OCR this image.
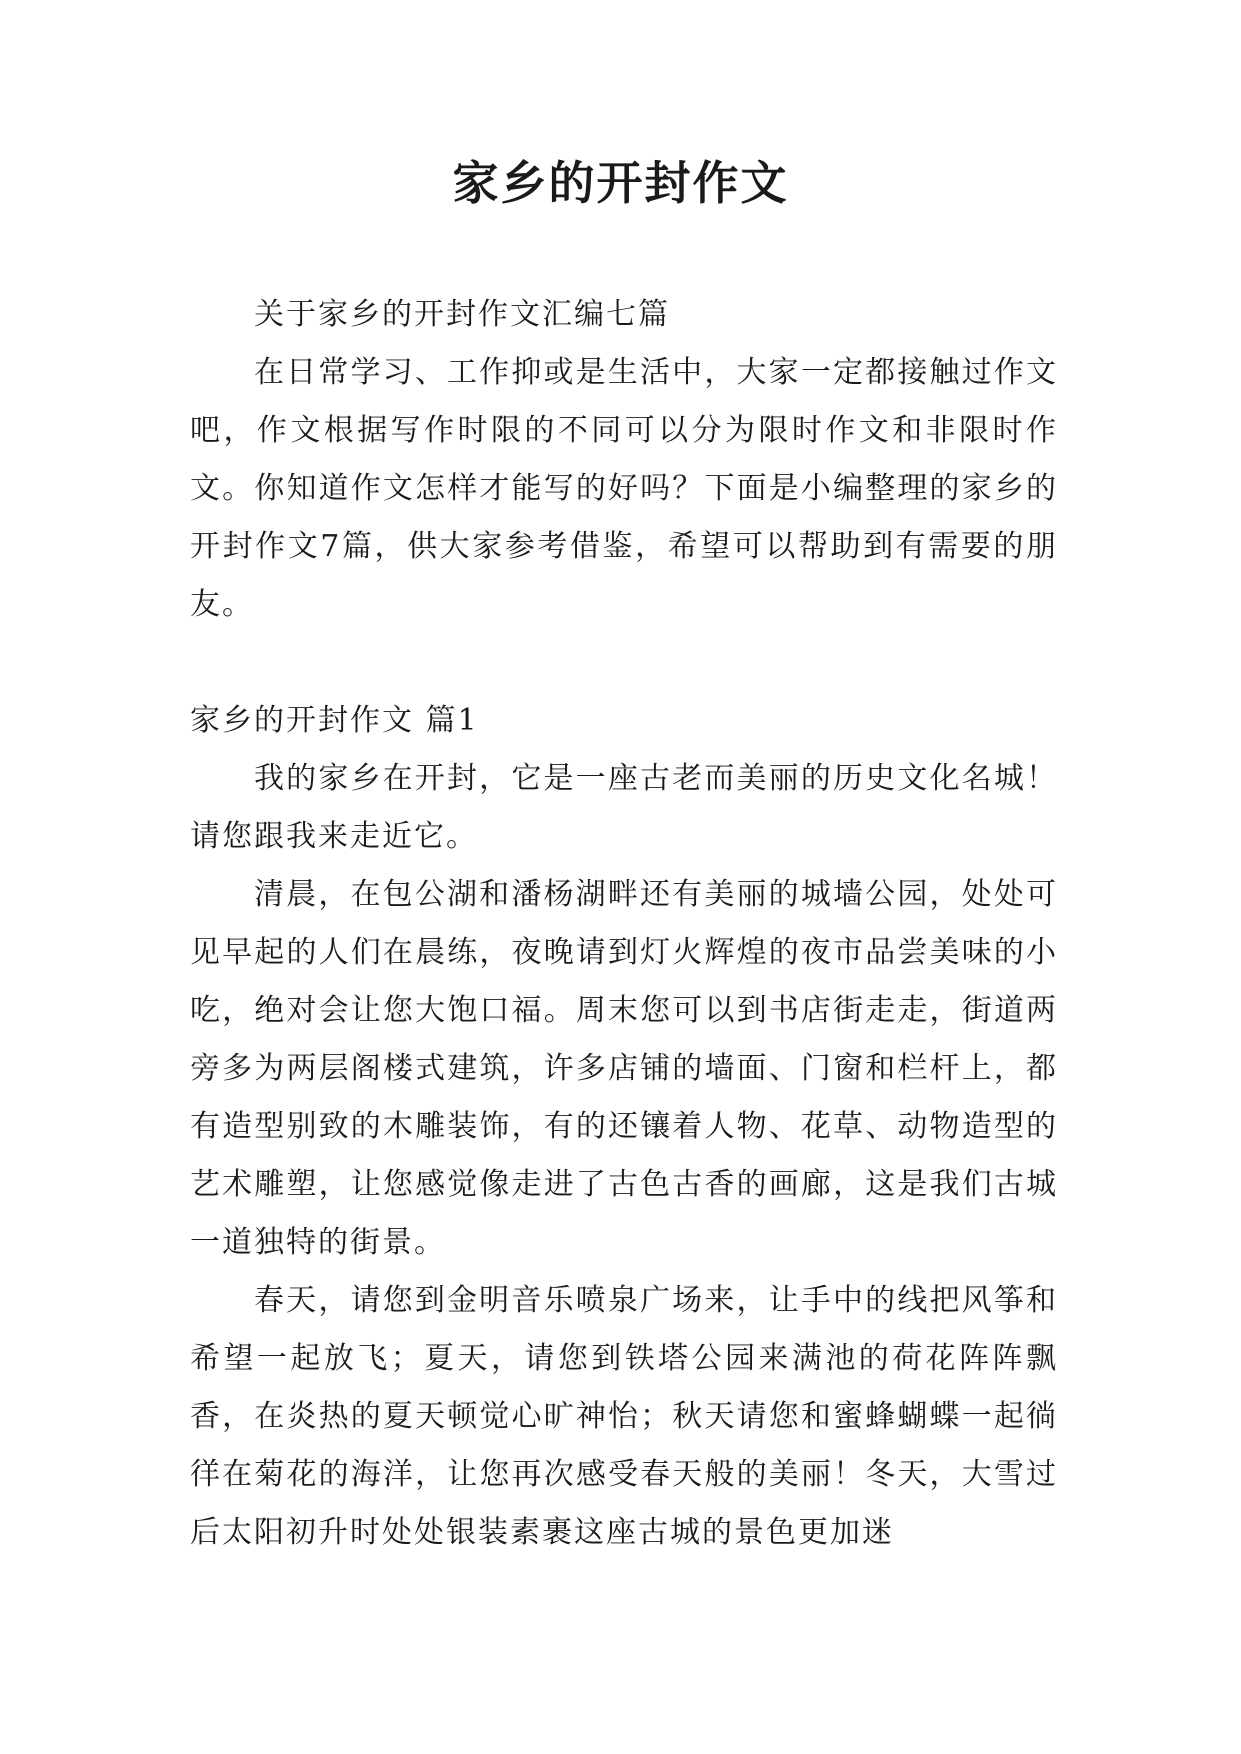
家乡的开封作文

关于家乡的开封作文汇编七篇

在日常学习、工作抑或是生活中，大家一定都接触过作文吧，作文根据写作时限的不同可以分为限时作文和非限时作文。你知道作文怎样才能写的好吗？下面是小编整理的家乡的开封作文7篇，供大家参考借鉴，希望可以帮助到有需要的朋友。

家乡的开封作文 篇1

我的家乡在开封，它是一座古老而美丽的历史文化名城！请您跟我来走近它。

清晨，在包公湖和潘杨湖畔还有美丽的城墙公园，处处可见早起的人们在晨练，夜晚请到灯火辉煌的夜市品尝美味的小吃，绝对会让您大饱口福。周末您可以到书店街走走，街道两旁多为两层阁楼式建筑，许多店铺的墙面、门窗和栏杆上，都有造型别致的木雕装饰，有的还镶着人物、花草、动物造型的艺术雕塑，让您感觉像走进了古色古香的画廊，这是我们古城一道独特的街景。

春天，请您到金明音乐喷泉广场来，让手中的线把风筝和希望一起放飞；夏天，请您到铁塔公园来满池的荷花阵阵飘香，在炎热的夏天顿觉心旷神怡；秋天请您和蜜蜂蝴蝶一起徜徉在菊花的海洋，让您再次感受春天般的美丽！冬天，大雪过后太阳初升时处处银装素裹这座古城的景色更加迷
